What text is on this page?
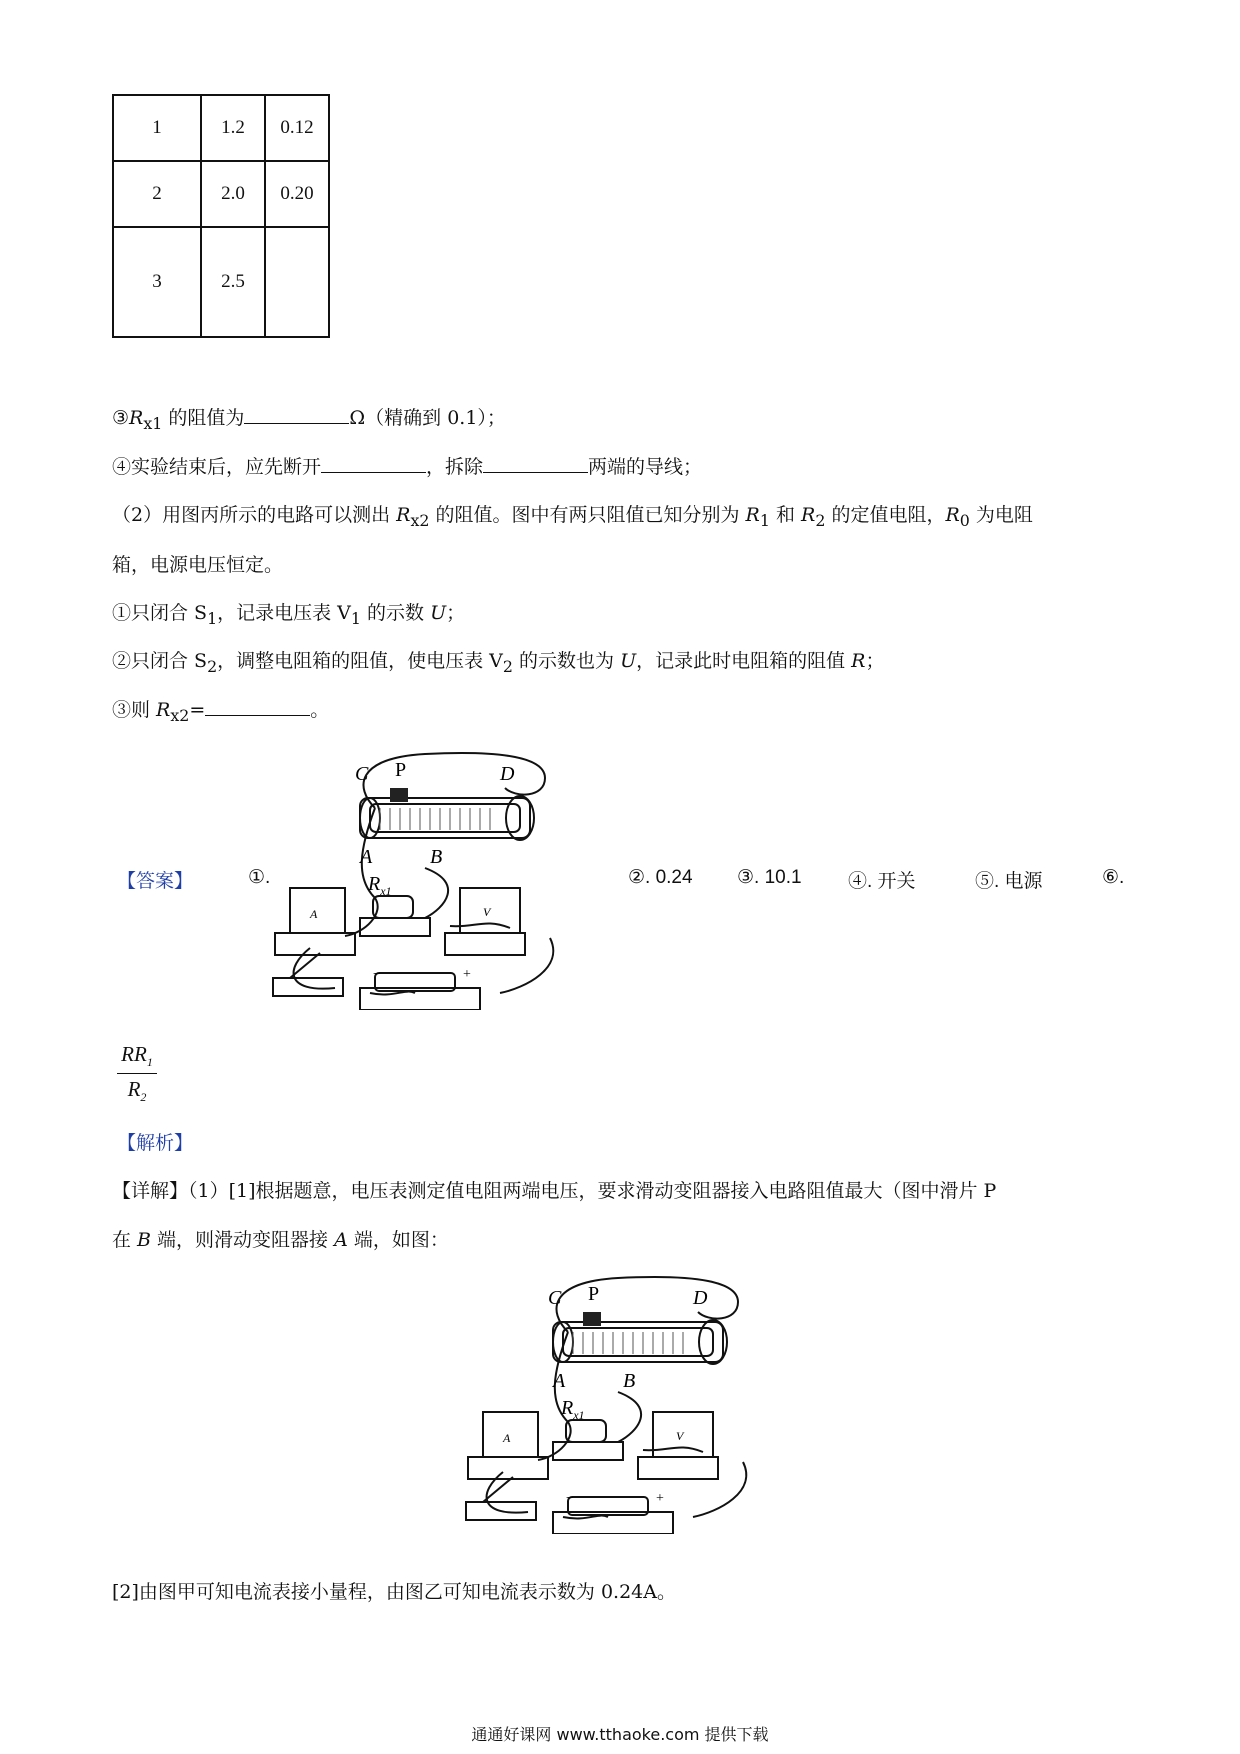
1	1.2	0.12
2	2.0	0.20
3	2.5	
$③R_{x1}$ 的阻值为	Ω（精确到 0.1）；
④实验结束后，应先断开	，拆除	两端的导线；
（2）用图丙所示的电路可以测出 $R_{x2}$ 的阻值。图中有两只阻值已知分别为 $R_1$ 和 $R_2$ 的定值电阻，$R_0$ 为电阻
箱，电源电压恒定。
①只闭合 $S_1$，记录电压表 $V_1$ 的示数 U；
②只闭合 $S_2$，调整电阻箱的阻值，使电压表 $V_2$ 的示数也为 U，记录此时电阻箱的阻值 R；
③则 $R_{x2}=$	。
【答案】	①.	②. 0.24 ③. 10.1 ④. 开关	⑤. 电源	⑥.
C P	D
A	B
$R_{x1}$
A	V
−	+
$RR_1$
$R_2$
【解析】
【详解】（1）[1]根据题意，电压表测定值电阻两端电压，要求滑动变阻器接入电路阻值最大（图中滑片 P
在 B 端，则滑动变阻器接 A 端，如图：
C P	D
A	B
$R_{x1}$
A	V
−	+
[2]由图甲可知电流表接小量程，由图乙可知电流表示数为 0.24A。
通通好课网 www.tthaoke.com 提供下载
